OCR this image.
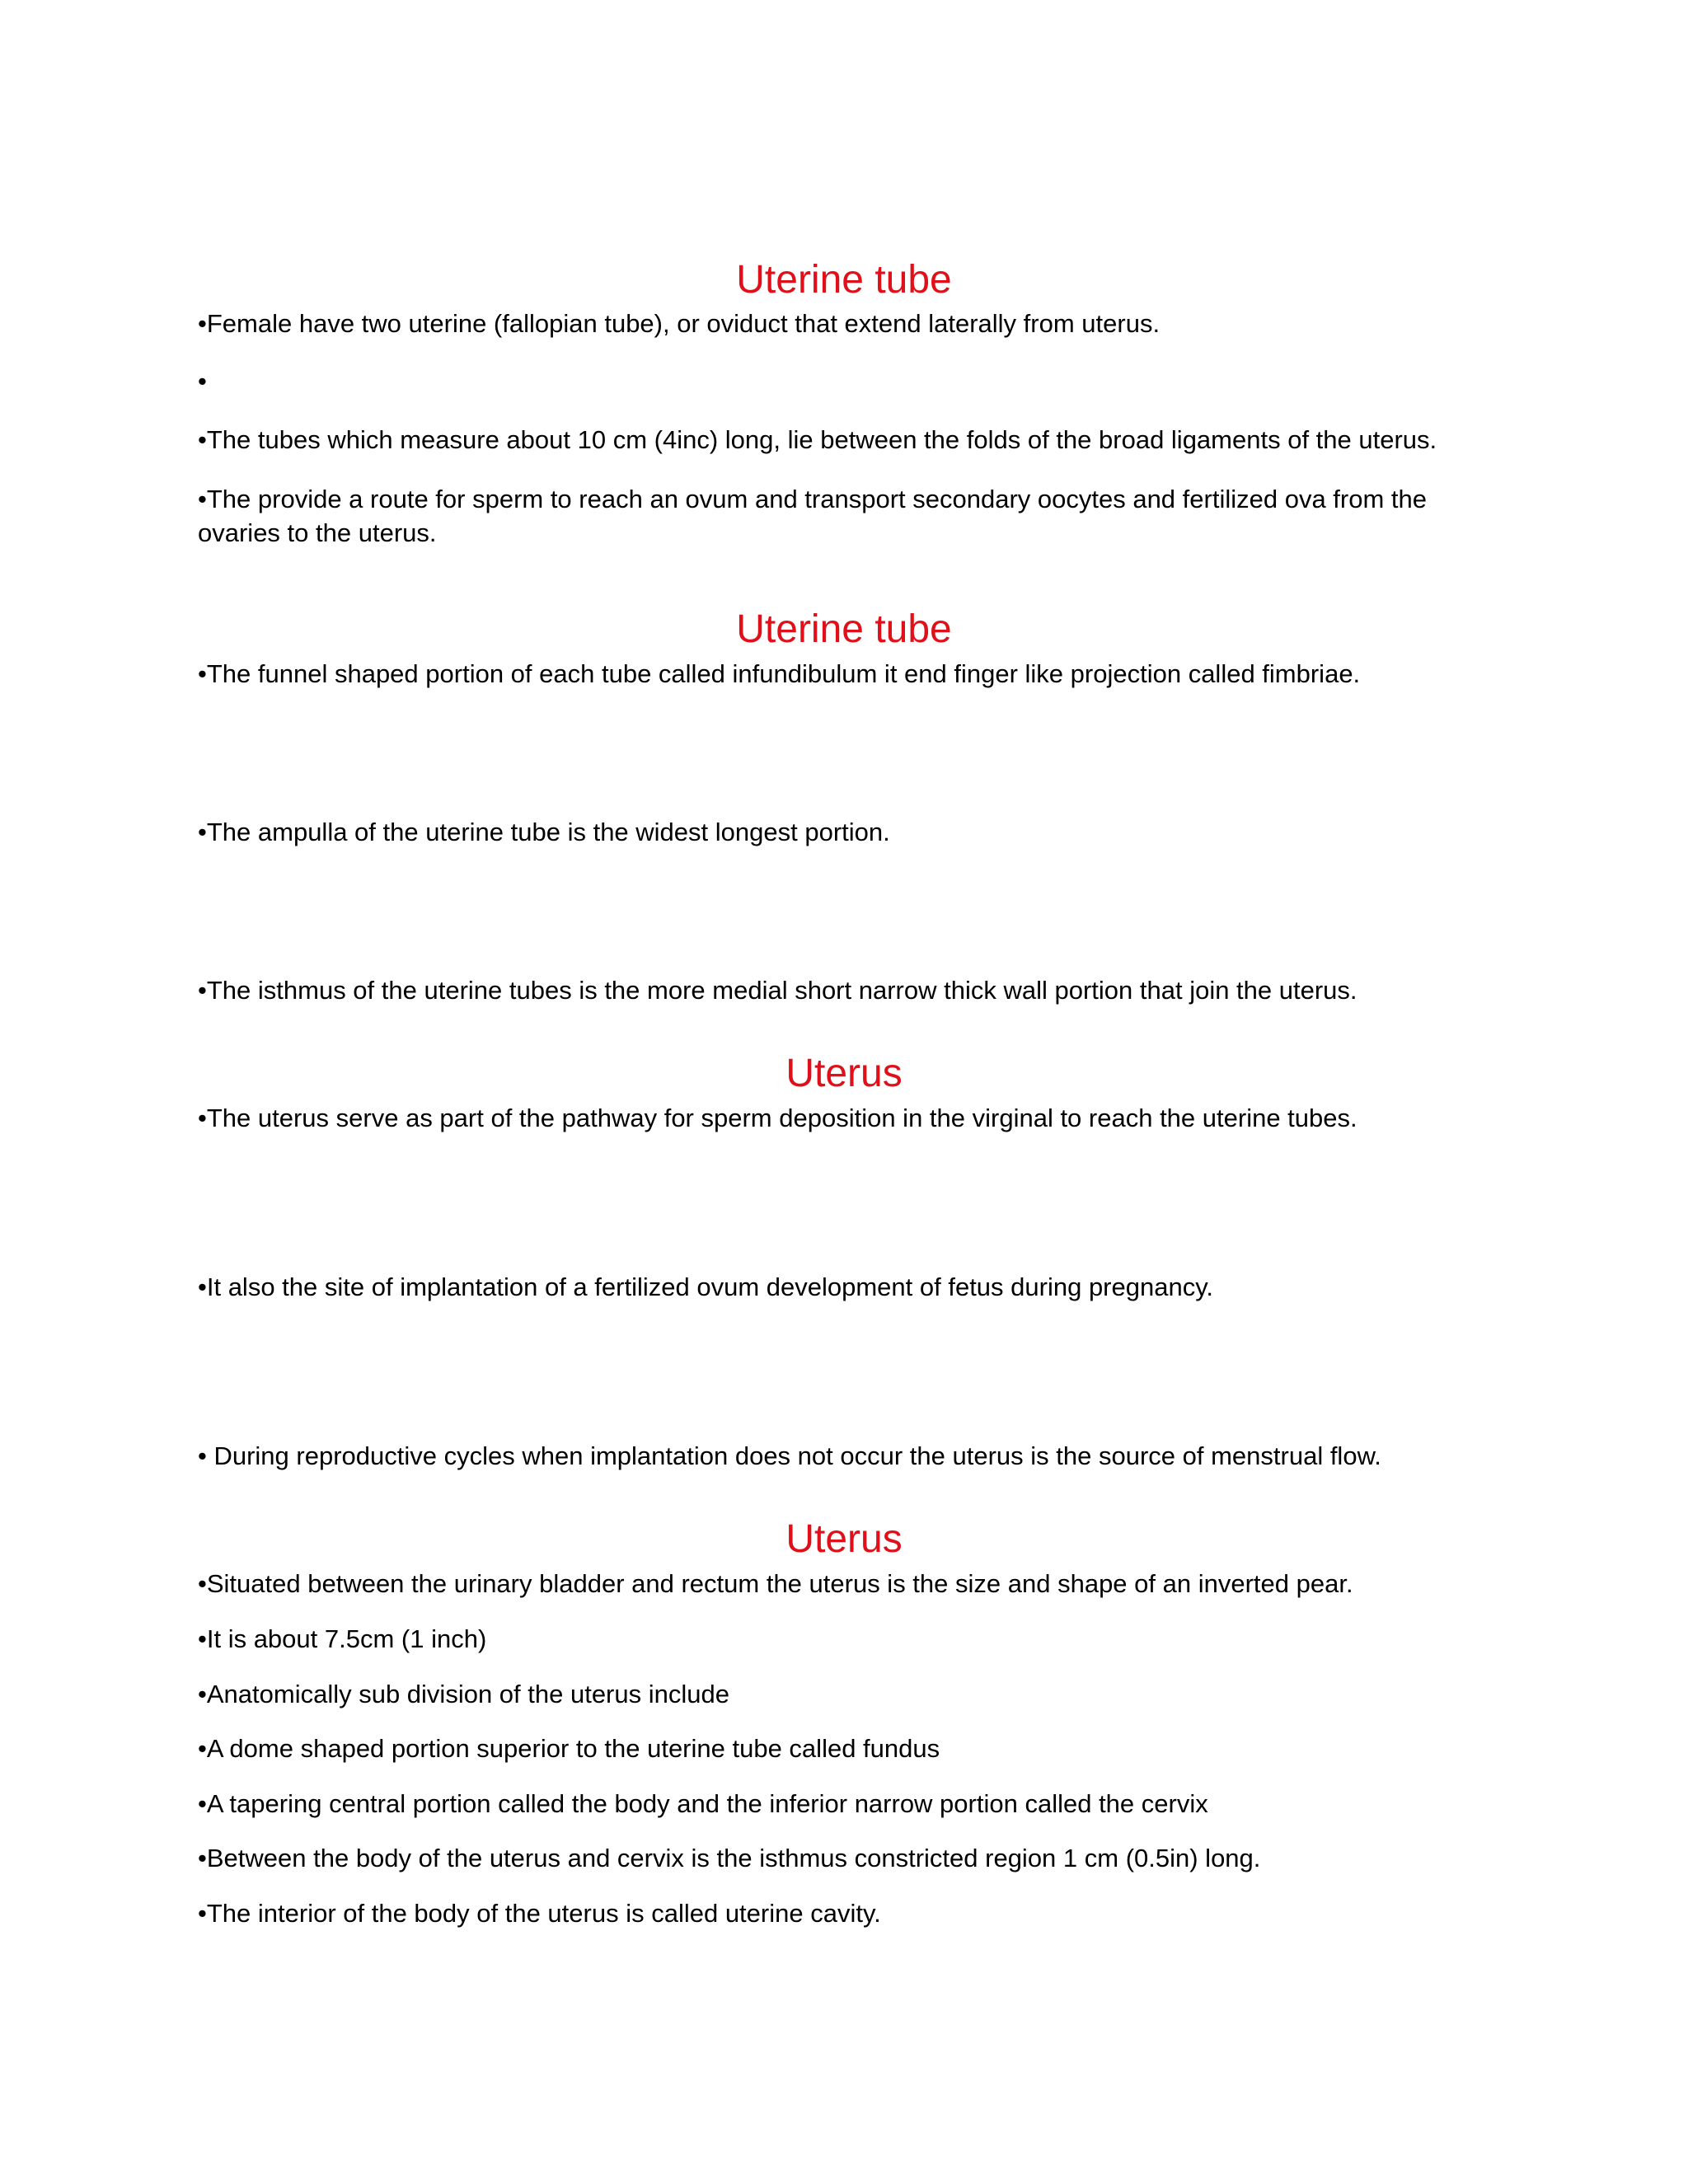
Uterine tube
•Female have two uterine (fallopian tube), or oviduct that extend laterally from uterus.
•
•The tubes which measure about 10 cm (4inc) long, lie between the folds of the broad ligaments of the uterus.
•The provide a route for sperm to reach an ovum and transport secondary oocytes and fertilized ova from the ovaries to the uterus.
Uterine tube
•The funnel shaped portion of each tube called infundibulum it end finger like projection called fimbriae.
•The ampulla of the uterine tube is the widest longest portion.
•The isthmus of the uterine tubes is the more medial short narrow thick wall portion that join the uterus.
Uterus
•The uterus serve as part of the pathway for sperm deposition in the virginal to reach the uterine tubes.
•It also the site of implantation of a fertilized ovum development of fetus during pregnancy.
• During reproductive cycles when implantation does not occur the uterus is the source of menstrual flow.
Uterus
•Situated between the urinary bladder and rectum the uterus is the size and shape of an inverted pear.
•It is about 7.5cm (1 inch)
•Anatomically sub division of the uterus include
•A dome shaped portion superior to the uterine tube called fundus
•A tapering central portion called the body and the inferior narrow portion called the cervix
•Between the body of the uterus and cervix is the isthmus constricted region 1 cm (0.5in) long.
•The interior of the body of the uterus is called uterine cavity.
